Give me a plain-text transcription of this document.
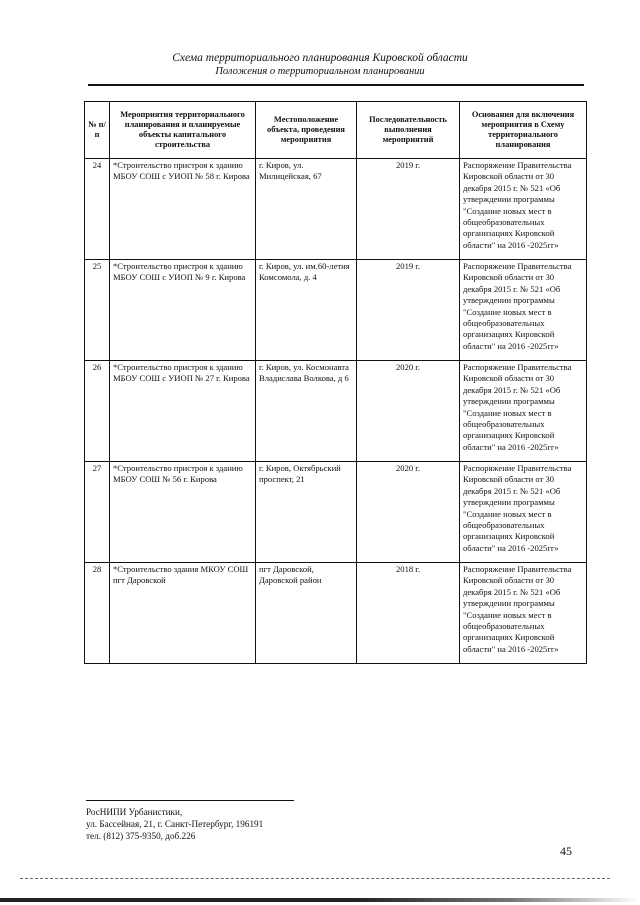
Схема территориального планирования Кировской области
Положения о территориальном планировании
№ п/п	Мероприятия территориального планирования и планируемые объекты капитального строительства	Местоположение объекта, проведения мероприятия	Последовательность выполнения мероприятий	Основания для включения мероприятия в Схему территориального планирования
24	*Строительство пристроя к зданию МБОУ СОШ с УИОП № 58 г. Кирова	г. Киров, ул. Милицейская, 67	2019 г.	Распоряжение Правительства Кировской области от 30 декабря 2015 г. № 521 «Об утверждении программы "Создание новых мест в общеобразовательных организациях Кировской области" на 2016 -2025гг»
25	*Строительство пристроя к зданию МБОУ СОШ с УИОП № 9 г. Кирова	г. Киров, ул. им.60-летия Комсомола, д. 4	2019 г.	Распоряжение Правительства Кировской области от 30 декабря 2015 г. № 521 «Об утверждении программы "Создание новых мест в общеобразовательных организациях Кировской области" на 2016 -2025гг»
26	*Строительство пристроя к зданию МБОУ СОШ с УИОП № 27 г. Кирова	г. Киров, ул. Космонавта Владислава Волкова, д 6	2020 г.	Распоряжение Правительства Кировской области от 30 декабря 2015 г. № 521 «Об утверждении программы "Создание новых мест в общеобразовательных организациях Кировской области" на 2016 -2025гг»
27	*Строительство пристроя к зданию МБОУ СОШ № 56 г. Кирова	г. Киров, Октябрьский проспект, 21	2020 г.	Распоряжение Правительства Кировской области от 30 декабря 2015 г. № 521 «Об утверждении программы "Создание новых мест в общеобразовательных организациях Кировской области" на 2016 -2025гг»
28	*Строительство здания МКОУ СОШ пгт Даровской	пгт Даровской, Даровской район	2018 г.	Распоряжение Правительства Кировской области от 30 декабря 2015 г. № 521 «Об утверждении программы "Создание новых мест в общеобразовательных организациях Кировской области" на 2016 -2025гг»
РосНИПИ Урбанистики,
ул. Бассейная, 21, г. Санкт-Петербург, 196191
тел. (812) 375-9350, доб.226
45
